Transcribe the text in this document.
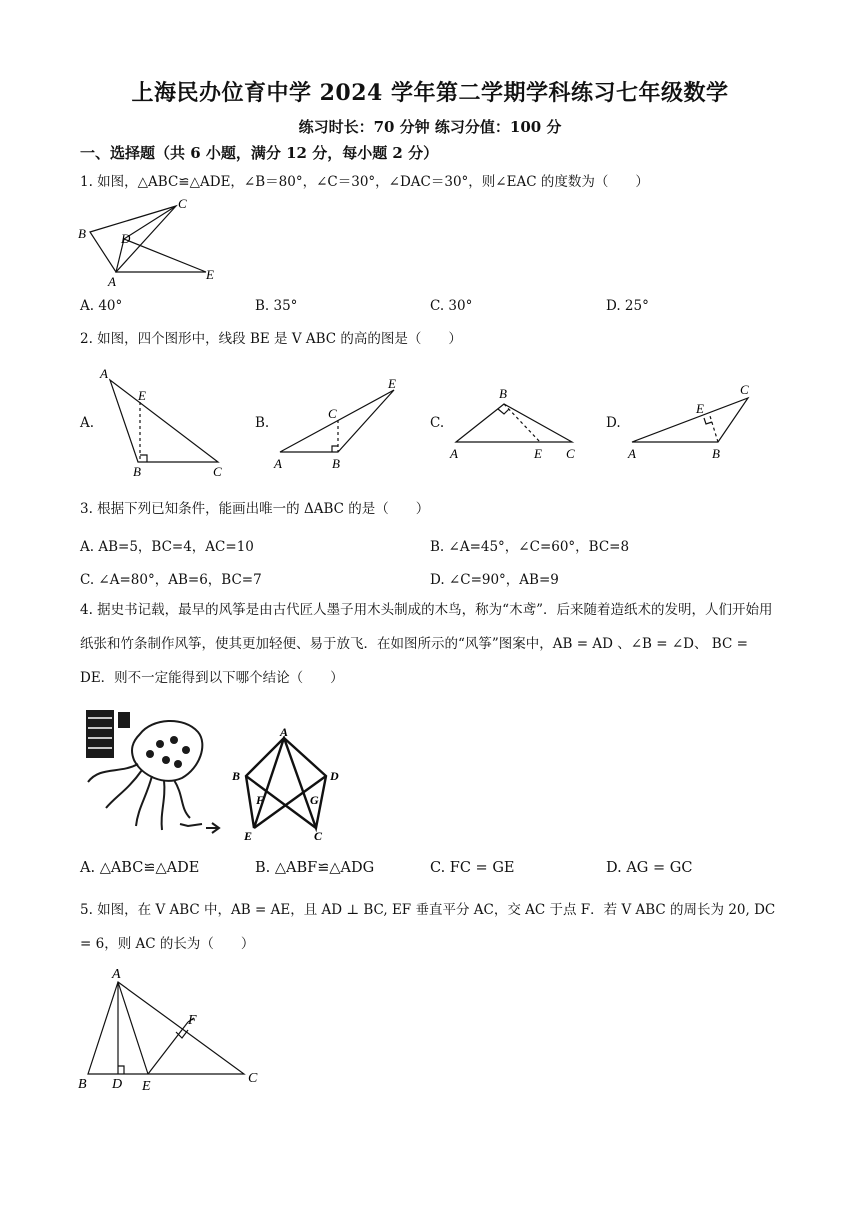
上海民办位育中学 2024 学年第二学期学科练习七年级数学
练习时长：70 分钟 练习分值：100 分
一、选择题（共 6 小题，满分 12 分，每小题 2 分）
1. 如图，△ABC≌△ADE，∠B＝80°，∠C＝30°，∠DAC＝30°，则∠EAC 的度数为（　　）
C
B	D
A	E
A. 40°	B. 35°	C. 30°	D. 25°
2. 如图，四个图形中，线段 BE 是 V ABC 的高的图是（　　）
A.
A
E
B	C
B.
E
C
A	B
C.
B
A	E C
D.
C
E
A	B
3. 根据下列已知条件，能画出唯一的 ΔABC 的是（　　）
A. AB=5，BC=4，AC=10	B. ∠A=45°，∠C=60°，BC=8
C. ∠A=80°，AB=6，BC=7	D. ∠C=90°，AB=9
4. 据史书记载，最早的风筝是由古代匠人墨子用木头制成的木鸟，称为“木鸢”．后来随着造纸术的发明，人们开始用纸张和竹条制作风筝，使其更加轻便、易于放飞．在如图所示的“风筝”图案中，AB = AD 、∠B = ∠D、 BC = DE．则不一定能得到以下哪个结论（　　）
A
B	D
F	G
E	C
A. △ABC≌△ADE	B. △ABF≌△ADG	C. FC = GE	D. AG = GC
5. 如图，在 V ABC 中，AB = AE，且 AD ⊥ BC, EF 垂直平分 AC，交 AC 于点 F．若 V ABC 的周长为 20, DC = 6，则 AC 的长为（　　）
A
F
B D E
C
